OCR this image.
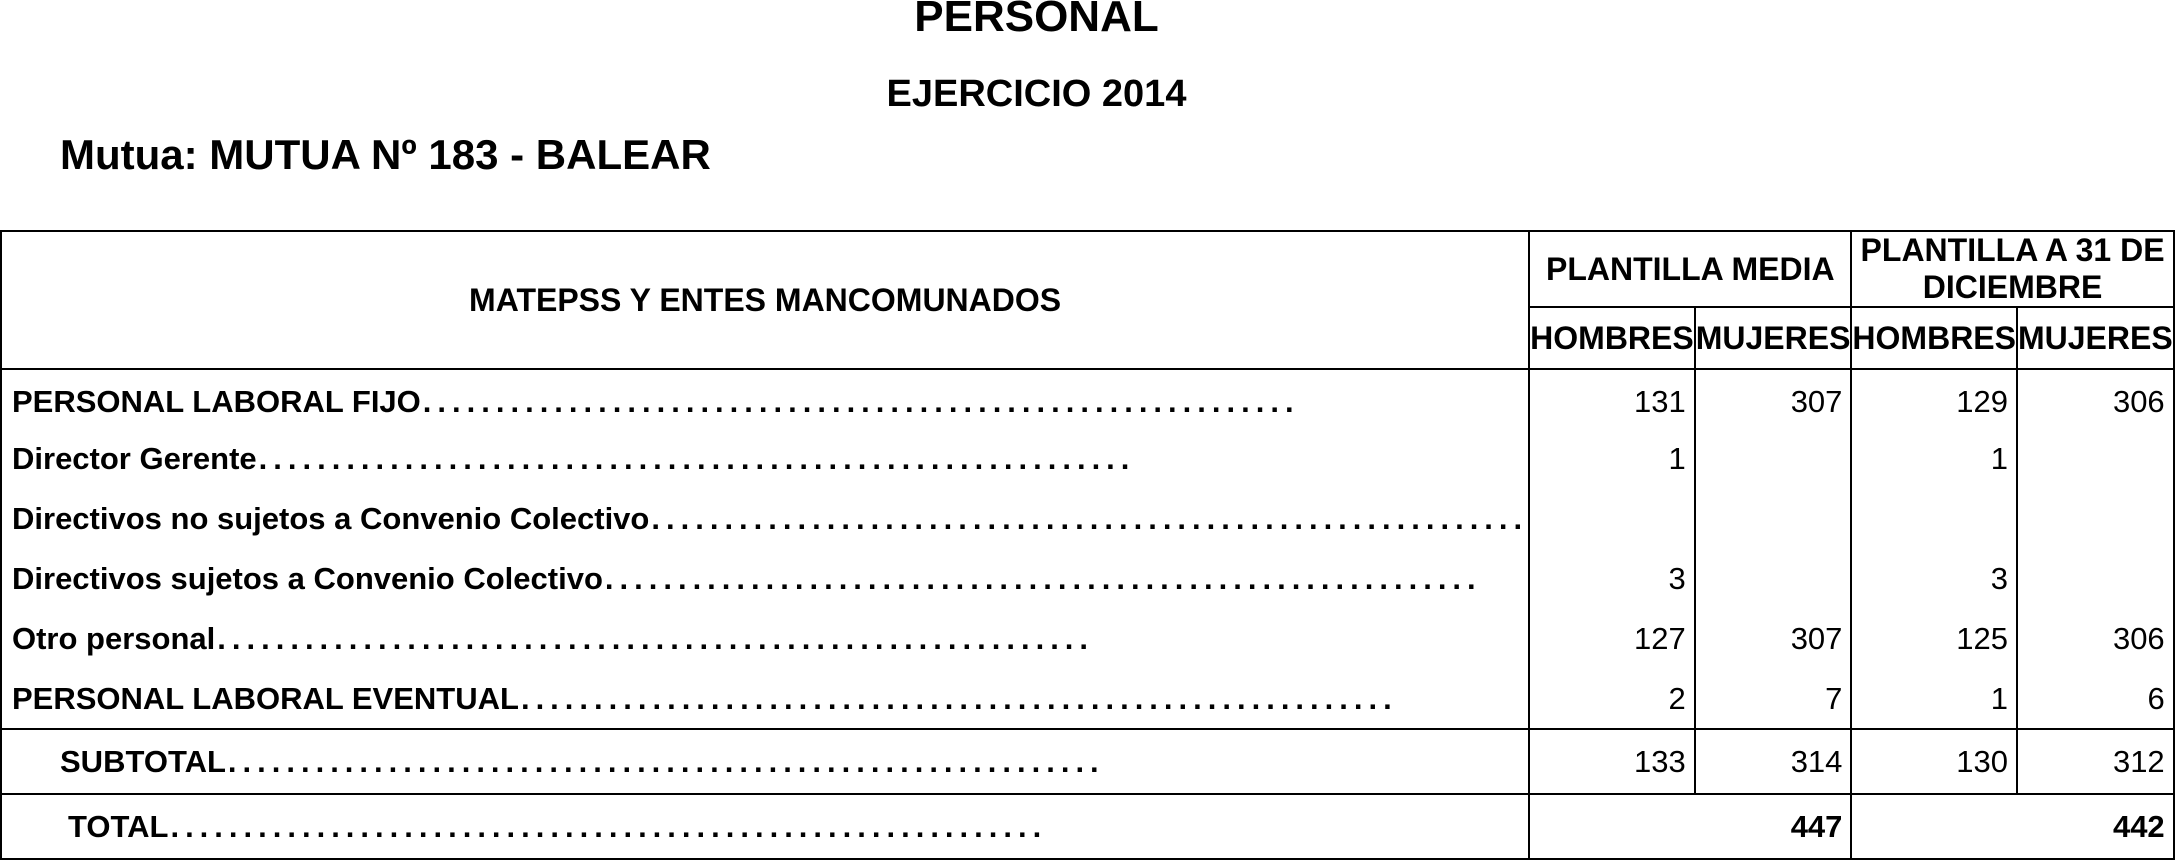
PERSONAL
EJERCICIO 2014
Mutua: MUTUA Nº 183 - BALEAR
MATEPSS Y ENTES MANCOMUNADOS	PLANTILLA MEDIA		PLANTILLA A 31 DE DICIEMBRE	
	HOMBRES	MUJERES	HOMBRES	MUJERES
PERSONAL LABORAL FIJO............................................................	131	307	129	306
Director Gerente............................................................	1		1	
Directivos no sujetos a Convenio Colectivo............................................................				
Directivos sujetos a Convenio Colectivo............................................................	3		3	
Otro personal............................................................	127	307	125	306
PERSONAL LABORAL EVENTUAL............................................................	2	7	1	6
SUBTOTAL............................................................	133	314	130	312
TOTAL............................................................	447		442	
